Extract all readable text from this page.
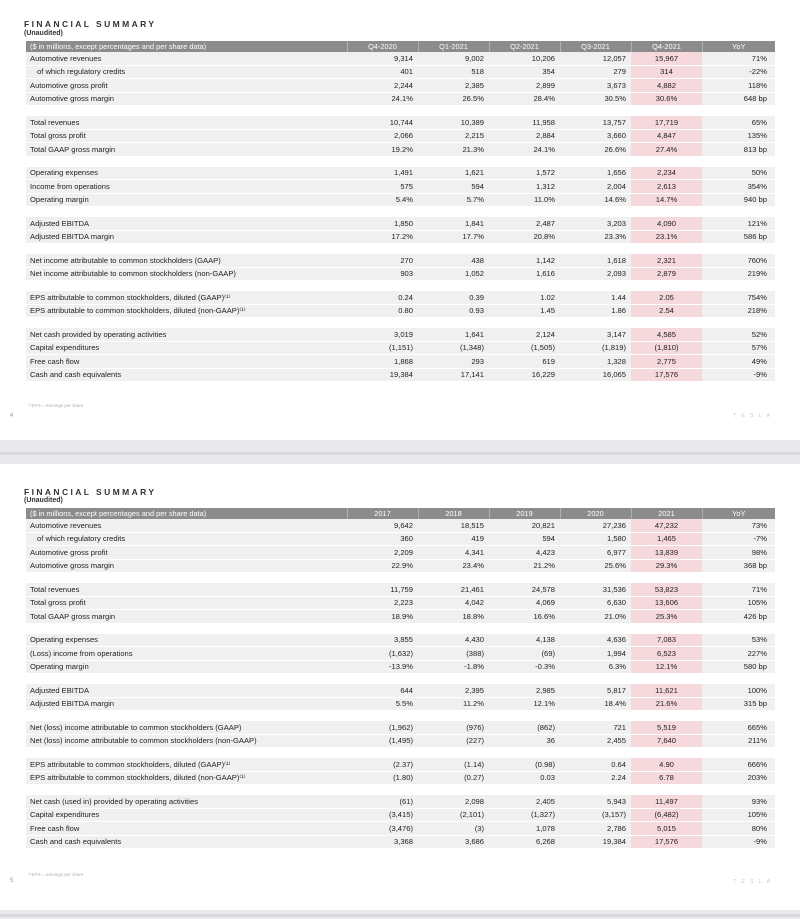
FINANCIAL SUMMARY
(Unaudited)
($ in millions, except percentages and per share data)	Q4-2020	Q1-2021	Q2-2021	Q3-2021	Q4-2021	YoY
Automotive revenues	9,314	9,002	10,206	12,057	15,967	71%
of which regulatory credits	401	518	354	279	314	-22%
Automotive gross profit	2,244	2,385	2,899	3,673	4,882	118%
Automotive gross margin	24.1%	26.5%	28.4%	30.5%	30.6%	648 bp

Total revenues	10,744	10,389	11,958	13,757	17,719	65%
Total gross profit	2,066	2,215	2,884	3,660	4,847	135%
Total GAAP gross margin	19.2%	21.3%	24.1%	26.6%	27.4%	813 bp

Operating expenses	1,491	1,621	1,572	1,656	2,234	50%
Income from operations	575	594	1,312	2,004	2,613	354%
Operating margin	5.4%	5.7%	11.0%	14.6%	14.7%	940 bp

Adjusted EBITDA	1,850	1,841	2,487	3,203	4,090	121%
Adjusted EBITDA margin	17.2%	17.7%	20.8%	23.3%	23.1%	586 bp

Net income attributable to common stockholders (GAAP)	270	438	1,142	1,618	2,321	760%
Net income attributable to common stockholders (non-GAAP)	903	1,052	1,616	2,093	2,879	219%

EPS attributable to common stockholders, diluted (GAAP)⁽¹⁾	0.24	0.39	1.02	1.44	2.05	754%
EPS attributable to common stockholders, diluted (non-GAAP)⁽¹⁾	0.80	0.93	1.45	1.86	2.54	218%

Net cash provided by operating activities	3,019	1,641	2,124	3,147	4,585	52%
Capital expenditures	(1,151)	(1,348)	(1,505)	(1,819)	(1,810)	57%
Free cash flow	1,868	293	619	1,328	2,775	49%
Cash and cash equivalents	19,384	17,141	16,229	16,065	17,576	-9%
⁽¹⁾EPS = earnings per share
4	T E S L A
FINANCIAL SUMMARY
(Unaudited)
($ in millions, except percentages and per share data)	2017	2018	2019	2020	2021	YoY
Automotive revenues	9,642	18,515	20,821	27,236	47,232	73%
of which regulatory credits	360	419	594	1,580	1,465	-7%
Automotive gross profit	2,209	4,341	4,423	6,977	13,839	98%
Automotive gross margin	22.9%	23.4%	21.2%	25.6%	29.3%	368 bp

Total revenues	11,759	21,461	24,578	31,536	53,823	71%
Total gross profit	2,223	4,042	4,069	6,630	13,606	105%
Total GAAP gross margin	18.9%	18.8%	16.6%	21.0%	25.3%	426 bp

Operating expenses	3,855	4,430	4,138	4,636	7,083	53%
(Loss) income from operations	(1,632)	(388)	(69)	1,994	6,523	227%
Operating margin	-13.9%	-1.8%	-0.3%	6.3%	12.1%	580 bp

Adjusted EBITDA	644	2,395	2,985	5,817	11,621	100%
Adjusted EBITDA margin	5.5%	11.2%	12.1%	18.4%	21.6%	315 bp

Net (loss) income attributable to common stockholders (GAAP)	(1,962)	(976)	(862)	721	5,519	665%
Net (loss) income attributable to common stockholders (non-GAAP)	(1,495)	(227)	36	2,455	7,640	211%

EPS attributable to common stockholders, diluted (GAAP)⁽¹⁾	(2.37)	(1.14)	(0.98)	0.64	4.90	666%
EPS attributable to common stockholders, diluted (non-GAAP)⁽¹⁾	(1.80)	(0.27)	0.03	2.24	6.78	203%

Net cash (used in) provided by operating activities	(61)	2,098	2,405	5,943	11,497	93%
Capital expenditures	(3,415)	(2,101)	(1,327)	(3,157)	(6,482)	105%
Free cash flow	(3,476)	(3)	1,078	2,786	5,015	80%
Cash and cash equivalents	3,368	3,686	6,268	19,384	17,576	-9%
⁽¹⁾EPS = earnings per share
5	T E S L A
